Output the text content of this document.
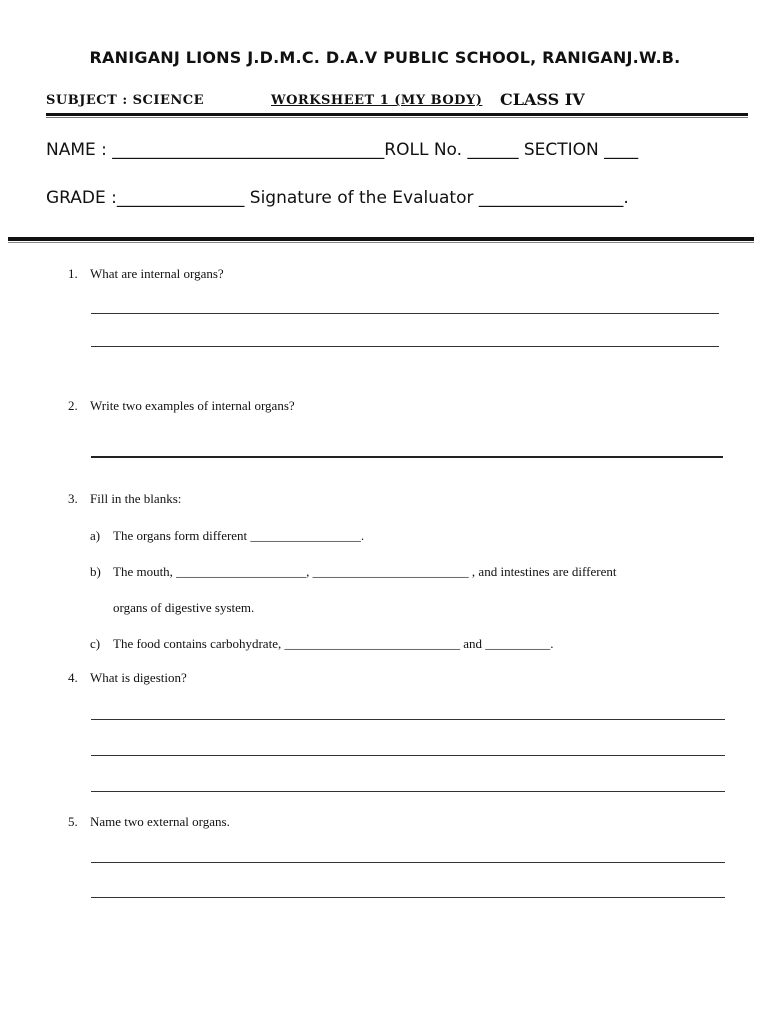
RANIGANJ LIONS J.D.M.C. D.A.V PUBLIC SCHOOL, RANIGANJ.W.B.
SUBJECT : SCIENCE	WORKSHEET 1 (MY BODY) CLASS IV
NAME : ________________________________ROLL No. ______ SECTION ____
GRADE :_______________ Signature of the Evaluator _________________.
1. What are internal organs?
2. Write two examples of internal organs?
3. Fill in the blanks:
a) The organs form different _________________.
b) The mouth, ____________________, ________________________ , and intestines are different
organs of digestive system.
c) The food contains carbohydrate, ___________________________ and __________.
4. What is digestion?
5. Name two external organs.
